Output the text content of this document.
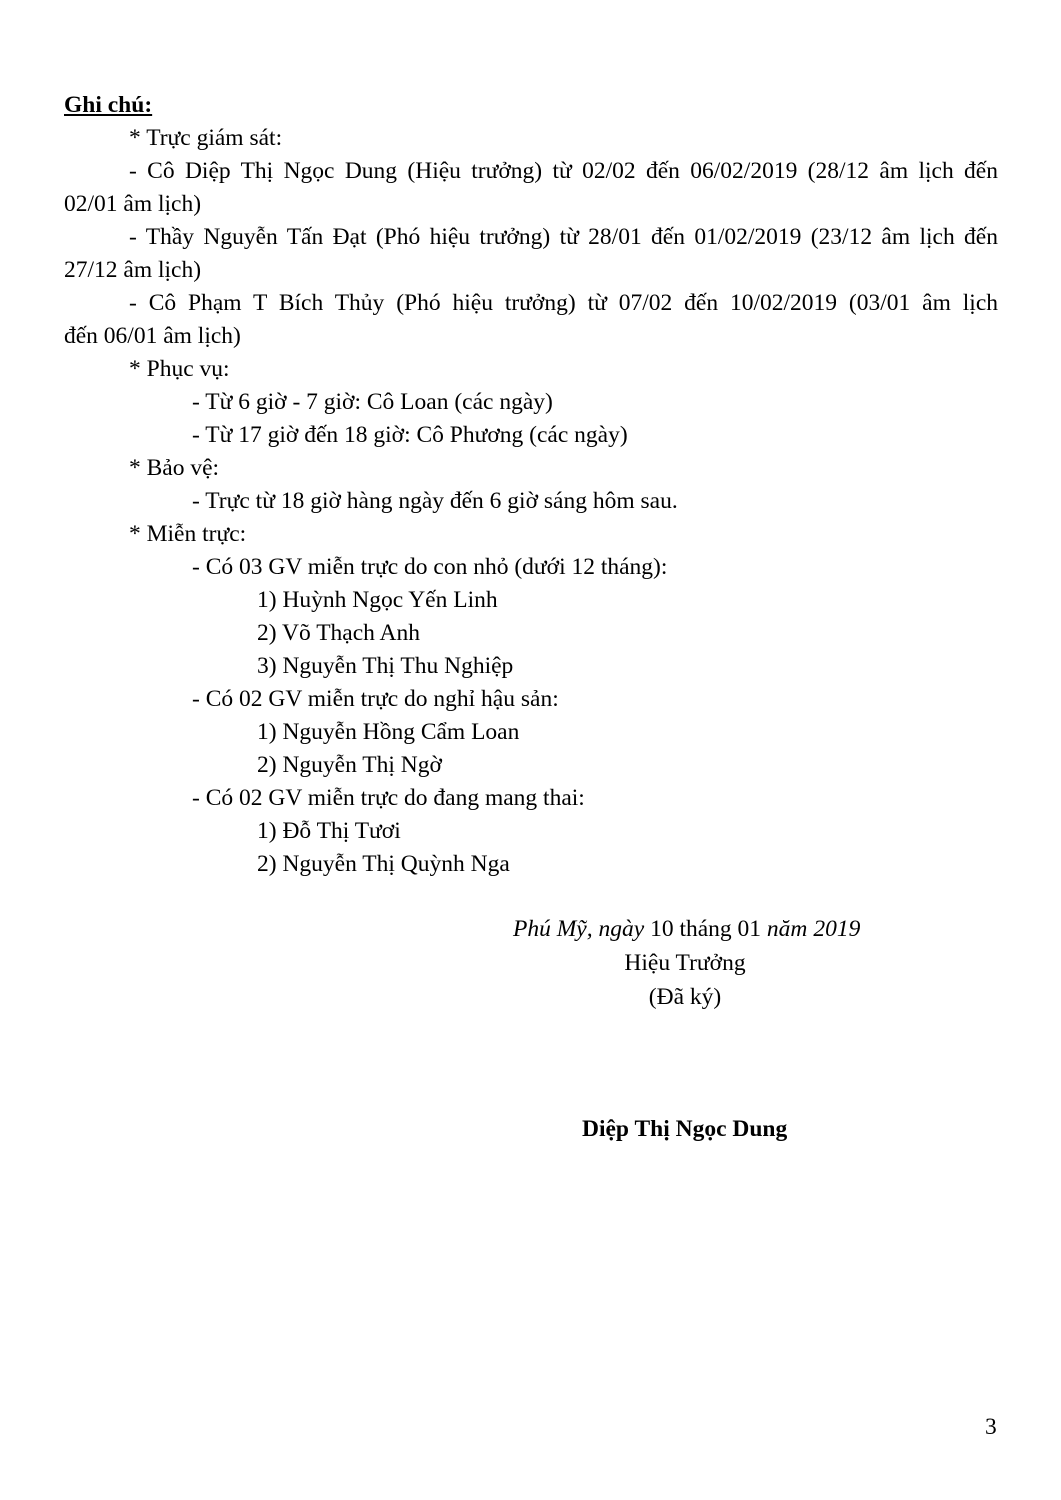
Ghi chú:
* Trực giám sát:
- Cô Diệp Thị Ngọc Dung (Hiệu trưởng) từ 02/02 đến 06/02/2019 (28/12 âm lịch đến
02/01 âm lịch)
- Thầy Nguyễn Tấn Đạt (Phó hiệu trưởng) từ 28/01 đến 01/02/2019 (23/12 âm lịch đến
27/12 âm lịch)
- Cô Phạm T Bích Thủy (Phó hiệu trưởng) từ 07/02 đến 10/02/2019 (03/01 âm lịch
đến 06/01 âm lịch)
* Phục vụ:
- Từ 6 giờ - 7 giờ: Cô Loan (các ngày)
- Từ 17 giờ đến 18 giờ: Cô Phương (các ngày)
* Bảo vệ:
- Trực từ 18 giờ hàng ngày đến 6 giờ sáng hôm sau.
* Miễn trực:
- Có 03 GV miễn trực do con nhỏ (dưới 12 tháng):
1) Huỳnh Ngọc Yến Linh
2) Võ Thạch Anh
3) Nguyễn Thị Thu Nghiệp
- Có 02 GV miễn trực do nghỉ hậu sản:
1) Nguyễn Hồng Cẩm Loan
2) Nguyễn Thị Ngờ
- Có 02 GV miễn trực do đang mang thai:
1) Đỗ Thị Tươi
2) Nguyễn Thị Quỳnh Nga
Phú Mỹ, ngày 10 tháng 01 năm 2019
Hiệu Trưởng
(Đã ký)
Diệp Thị Ngọc Dung
3
